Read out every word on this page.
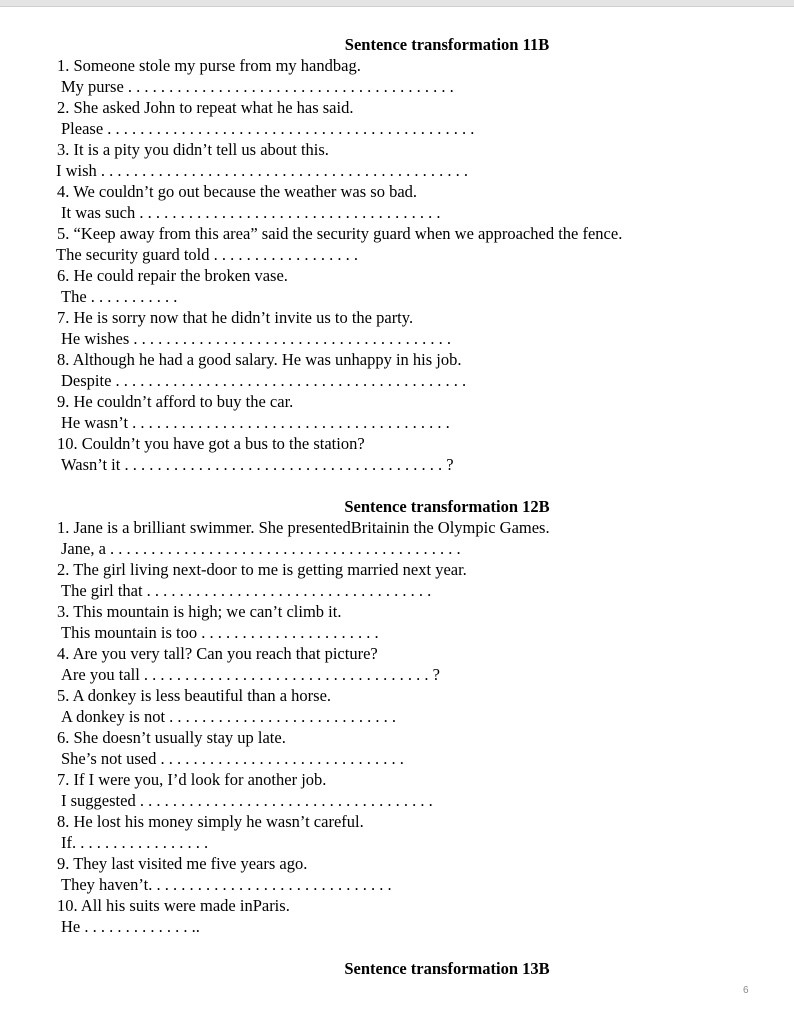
Sentence transformation 11B
1. Someone stole my purse from my handbag.
My purse . . . . . . . . . . . . . . . . . . . . . . . . . . . . . . . . . . . . . . . .
2. She asked John to repeat what he has said.
Please . . . . . . . . . . . . . . . . . . . . . . . . . . . . . . . . . . . . . . . . . . . . .
3. It is a pity you didn’t tell us about this.
I wish . . . . . . . . . . . . . . . . . . . . . . . . . . . . . . . . . . . . . . . . . . . . .
4. We couldn’t go out because the weather was so bad.
It was such . . . . . . . . . . . . . . . . . . . . . . . . . . . . . . . . . . . . .
5. “Keep away from this area” said the security guard when we approached the fence.
The security guard told . . . . . . . . . . . . . . . . . .
6. He could repair the broken vase.
The . . . . . . . . . . .
7. He is sorry now that he didn’t invite us to the party.
He wishes . . . . . . . . . . . . . . . . . . . . . . . . . . . . . . . . . . . . . . .
8. Although he had a good salary. He was unhappy in his job.
Despite . . . . . . . . . . . . . . . . . . . . . . . . . . . . . . . . . . . . . . . . . . .
9. He couldn’t afford to buy the car.
He wasn’t . . . . . . . . . . . . . . . . . . . . . . . . . . . . . . . . . . . . . . .
10. Couldn’t you have got a bus to the station?
Wasn’t it . . . . . . . . . . . . . . . . . . . . . . . . . . . . . . . . . . . . . . . ?
Sentence transformation 12B
1. Jane is a brilliant swimmer. She presentedBritainin the Olympic Games.
Jane, a . . . . . . . . . . . . . . . . . . . . . . . . . . . . . . . . . . . . . . . . . . .
2. The girl living next-door to me is getting married next year.
The girl that . . . . . . . . . . . . . . . . . . . . . . . . . . . . . . . . . . .
3. This mountain is high; we can’t climb it.
This mountain is too . . . . . . . . . . . . . . . . . . . . . .
4. Are you very tall? Can you reach that picture?
Are you tall . . . . . . . . . . . . . . . . . . . . . . . . . . . . . . . . . . . ?
5. A donkey is less beautiful than a horse.
A donkey is not . . . . . . . . . . . . . . . . . . . . . . . . . . . .
6. She doesn’t usually stay up late.
She’s not used . . . . . . . . . . . . . . . . . . . . . . . . . . . . . .
7. If I were you, I’d look for another job.
I suggested . . . . . . . . . . . . . . . . . . . . . . . . . . . . . . . . . . . .
8. He lost his money simply he wasn’t careful.
If. . . . . . . . . . . . . . . . .
9. They last visited me five years ago.
They haven’t. . . . . . . . . . . . . . . . . . . . . . . . . . . . . .
10. All his suits were made inParis.
He . . . . . . . . . . . . . ..
Sentence transformation 13B
6
